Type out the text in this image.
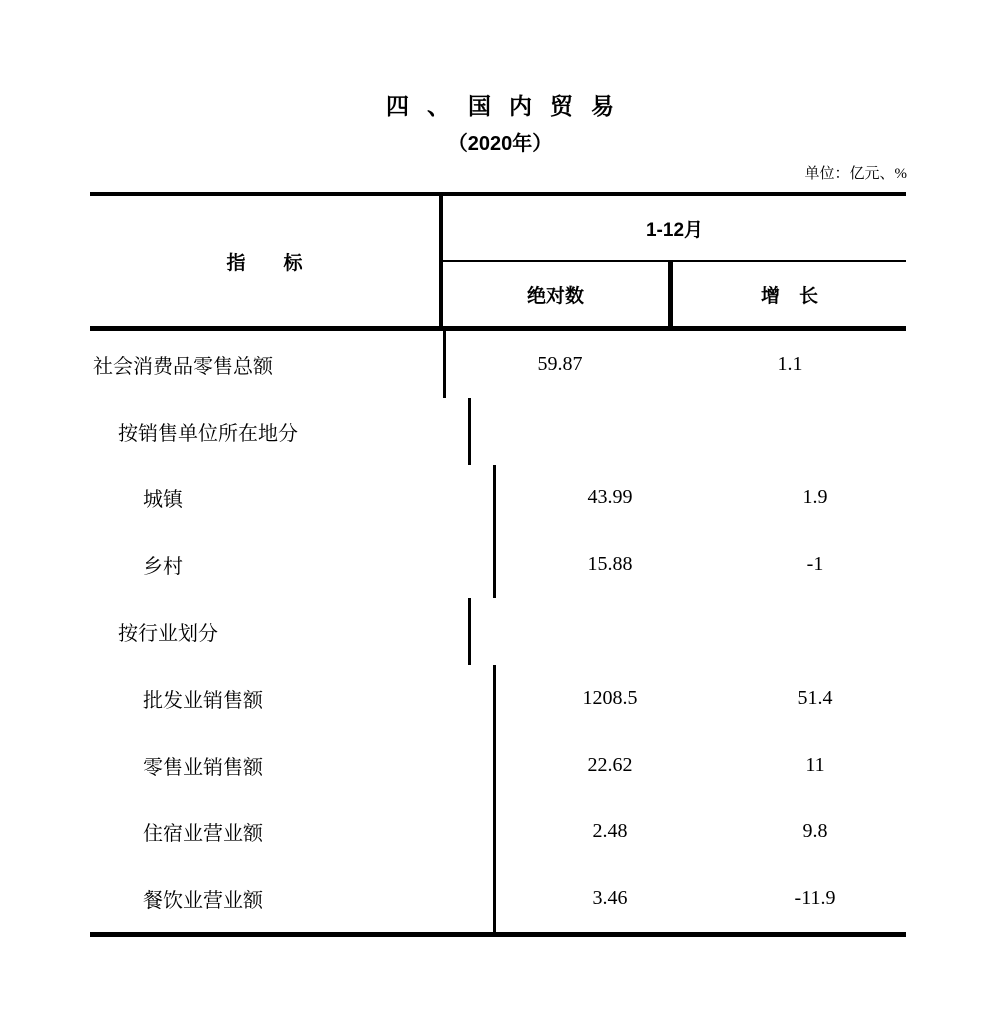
四、国内贸易
（2020年）
单位：亿元、%
指　　标
1-12月
绝对数	增　长
社会消费品零售总额	59.87	1.1
按销售单位所在地分
城镇	43.99	1.9
乡村	15.88	-1
按行业划分
批发业销售额	1208.5	51.4
零售业销售额	22.62	11
住宿业营业额	2.48	9.8
餐饮业营业额	3.46	-11.9
